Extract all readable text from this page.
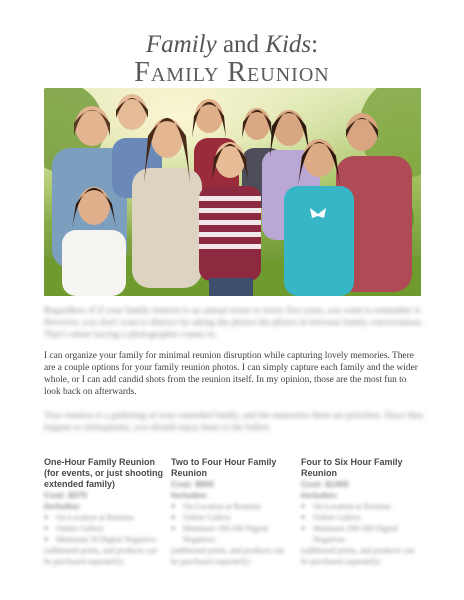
Family and Kids:
Family Reunion
Regardless of if your family reunion is an annual event or every five years, you want to remember it. However, you don't want to distract by taking the photos the photos in between family conversations. That's where having a photographer comes in.
I can organize your family for minimal reunion disruption while capturing lovely memories. There are a couple options for your family reunion photos. I can simply capture each family and the wider whole, or I can add candid shots from the reunion itself. In my opinion, those are the most fun to look back on afterwards.
Your reunion is a gathering of your extended family, and the memories there are priceless. Since they happen so infrequently, you should enjoy them to the fullest.
One-Hour Family Reunion (for events, or just shooting extended family)
Cost: $375
Includes:
● On-Location at Reunion
● Online Gallery
● Minimum 50 Digital Negatives
(additional prints, and products can be purchased separately)
Two to Four Hour Family Reunion
Cost: $950
Includes:
● On-Location at Reunion
● Online Gallery
● Minimum 100-200 Digital Negatives
(additional prints, and products can be purchased separately)
Four to Six Hour Family Reunion
Cost: $1400
Includes:
● On-Location at Reunion
● Online Gallery
● Minimum 200-300 Digital Negatives
(additional prints, and products can be purchased separately)
